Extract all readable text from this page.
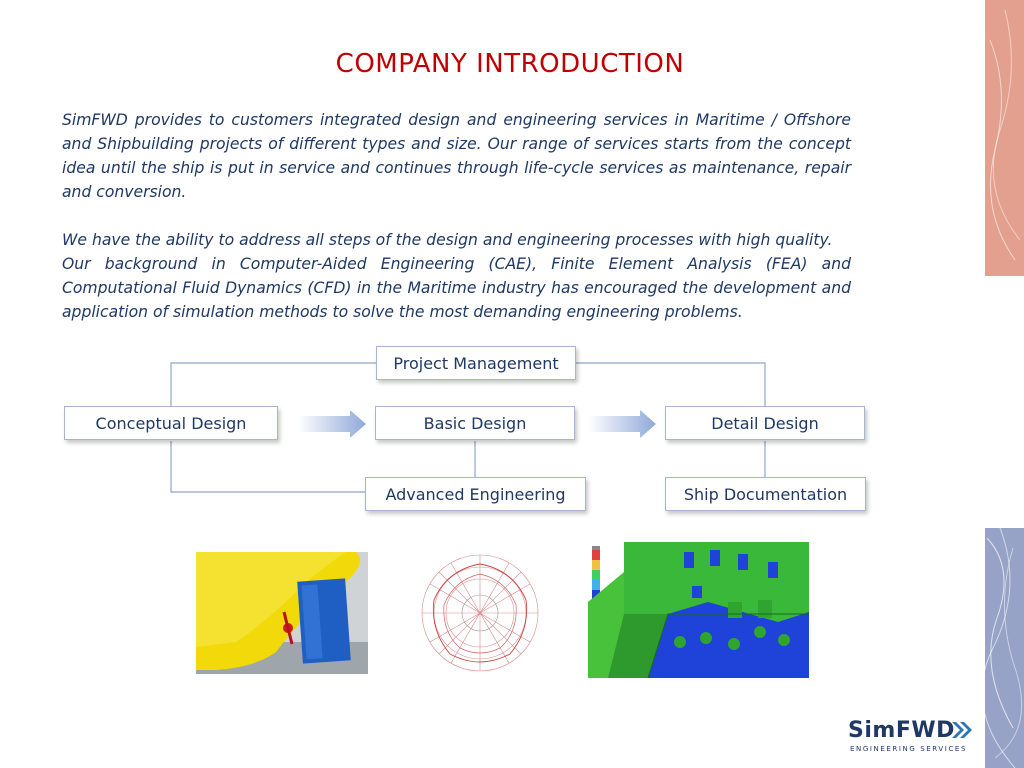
COMPANY INTRODUCTION

SimFWD provides to customers integrated design and engineering services in Maritime / Offshore and Shipbuilding projects of different types and size. Our range of services starts from the concept idea until the ship is put in service and continues through life-cycle services as maintenance, repair and conversion.

We have the ability to address all steps of the design and engineering processes with high quality.
Our background in Computer-Aided Engineering (CAE), Finite Element Analysis (FEA) and Computational Fluid Dynamics (CFD) in the Maritime industry has encouraged the development and application of simulation methods to solve the most demanding engineering problems.

Project Management
Conceptual Design	Basic Design	Detail Design
Advanced Engineering	Ship Documentation
SimFWD
ENGINEERING SERVICES
